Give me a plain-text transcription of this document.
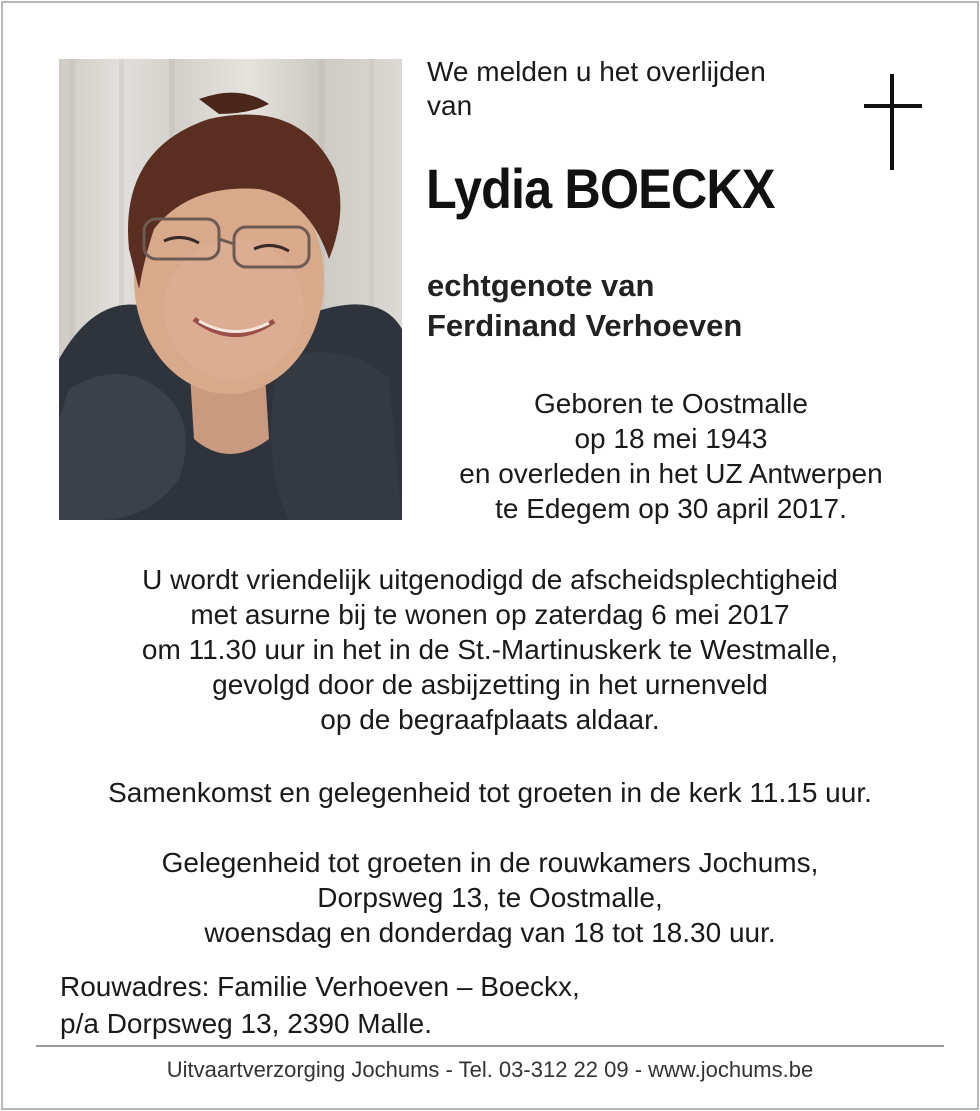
We melden u het overlijden
van
Lydia BOECKX
echtgenote van
Ferdinand Verhoeven
Geboren te Oostmalle
op 18 mei 1943
en overleden in het UZ Antwerpen
te Edegem op 30 april 2017.
U wordt vriendelijk uitgenodigd de afscheidsplechtigheid
met asurne bij te wonen op zaterdag 6 mei 2017
om 11.30 uur in het in de St.-Martinuskerk te Westmalle,
gevolgd door de asbijzetting in het urnenveld
op de begraafplaats aldaar.
Samenkomst en gelegenheid tot groeten in de kerk 11.15 uur.
Gelegenheid tot groeten in de rouwkamers Jochums,
Dorpsweg 13, te Oostmalle,
woensdag en donderdag van 18 tot 18.30 uur.
Rouwadres: Familie Verhoeven – Boeckx,
p/a Dorpsweg 13, 2390 Malle.
Uitvaartverzorging Jochums - Tel. 03-312 22 09 - www.jochums.be
